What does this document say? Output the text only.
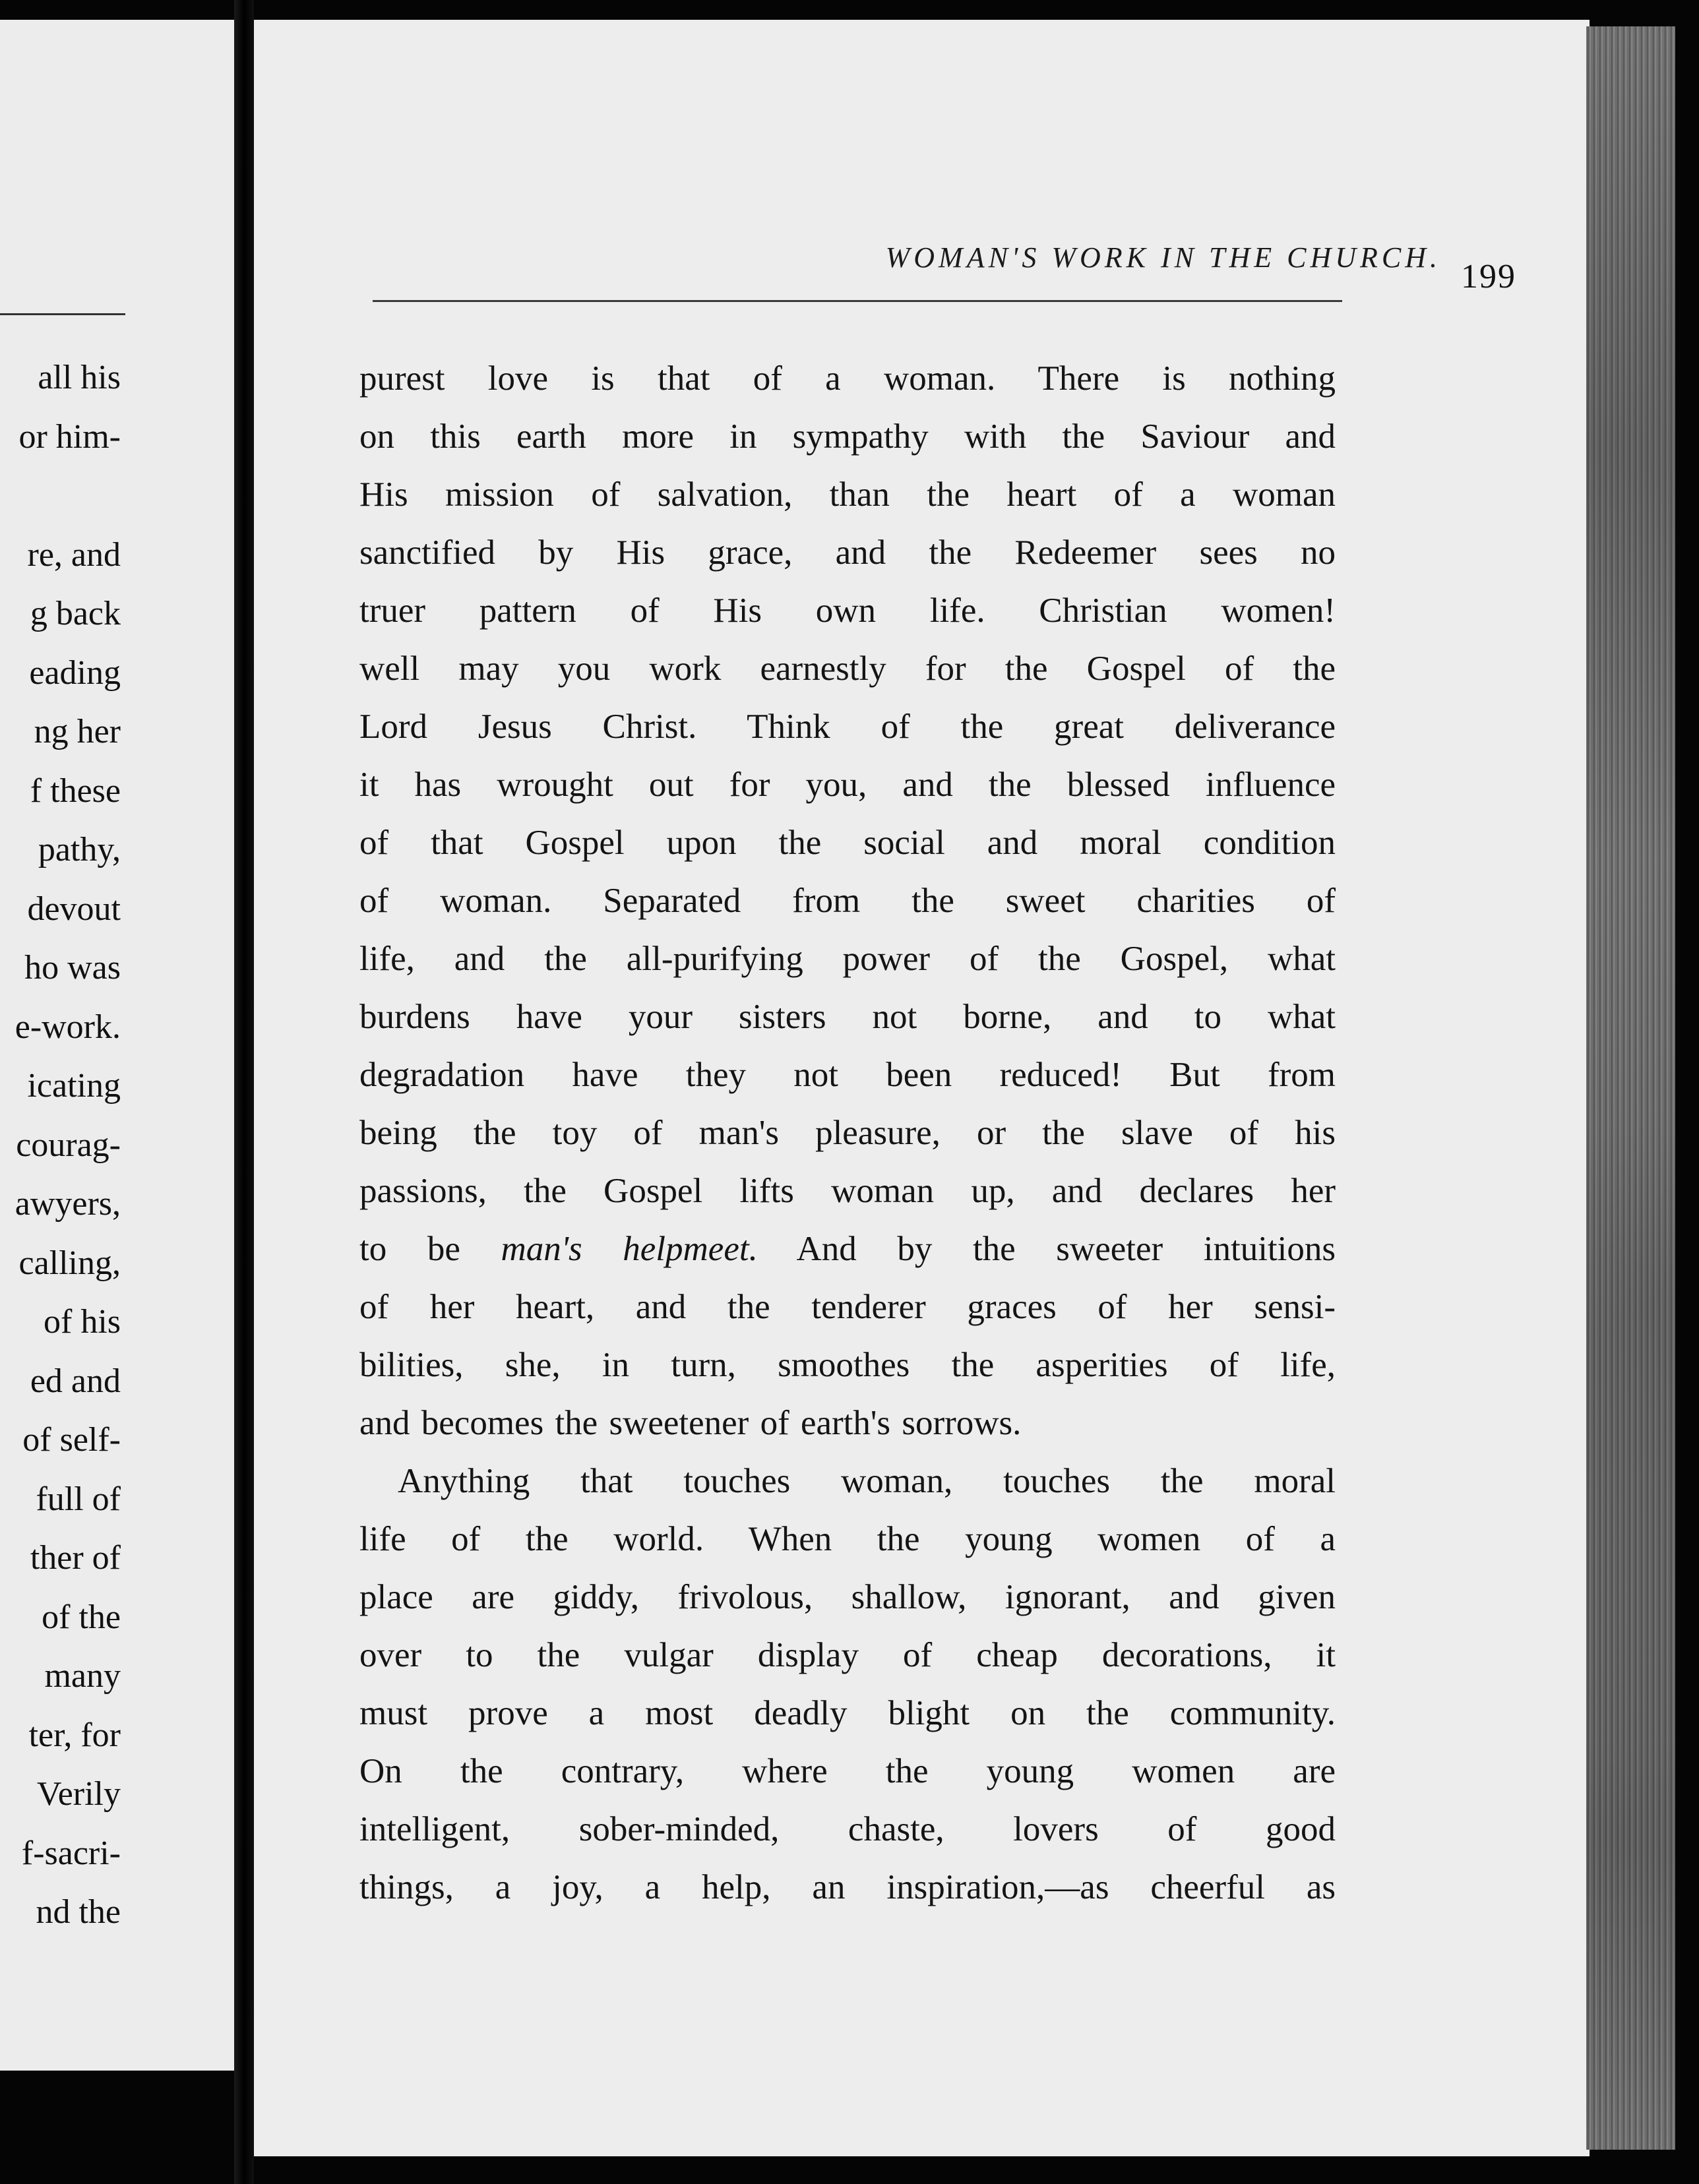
all his
or him-
re, and
g back
eading
ng her
f these
pathy,
devout
ho was
e-work.
icating
courag-
awyers,
calling,
of his
ed and
of self-
full of
ther of
of the
many
ter, for
Verily
f-sacri-
nd the
WOMAN'S WORK IN THE CHURCH.
199
purest love is that of a woman. There is nothing
on this earth more in sympathy with the Saviour and
His mission of salvation, than the heart of a woman
sanctified by His grace, and the Redeemer sees no
truer pattern of His own life. Christian women!
well may you work earnestly for the Gospel of the
Lord Jesus Christ. Think of the great deliverance
it has wrought out for you, and the blessed influence
of that Gospel upon the social and moral condition
of woman. Separated from the sweet charities of
life, and the all-purifying power of the Gospel, what
burdens have your sisters not borne, and to what
degradation have they not been reduced! But from
being the toy of man's pleasure, or the slave of his
passions, the Gospel lifts woman up, and declares her
to be man's helpmeet. And by the sweeter intuitions
of her heart, and the tenderer graces of her sensi-
bilities, she, in turn, smoothes the asperities of life,
and becomes the sweetener of earth's sorrows.
Anything that touches woman, touches the moral
life of the world. When the young women of a
place are giddy, frivolous, shallow, ignorant, and given
over to the vulgar display of cheap decorations, it
must prove a most deadly blight on the community.
On the contrary, where the young women are
intelligent, sober-minded, chaste, lovers of good
things, a joy, a help, an inspiration,—as cheerful as
